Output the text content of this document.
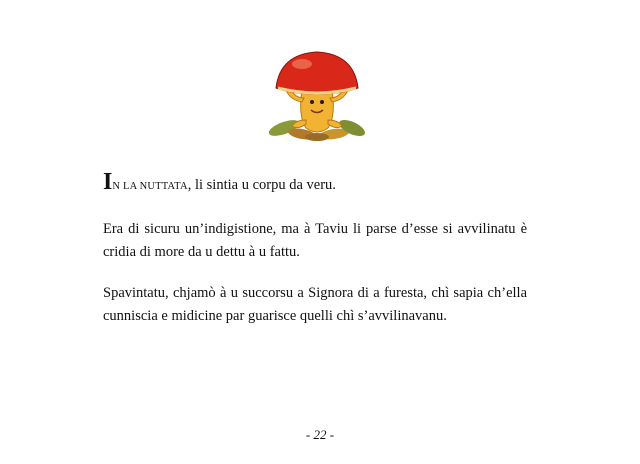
IN LA NUTTATA, li sintia u corpu da veru.
Era di sicuru un’indigistione, ma à Taviu li parse d’esse si avvilinatu è cridia di more da u dettu à u fattu.
Spavintatu, chjamò à u succorsu a Signora di a furesta, chì sapia ch’ella cunniscia e midicine par guarisce quelli chì s’avvilinavanu.
- 22 -
